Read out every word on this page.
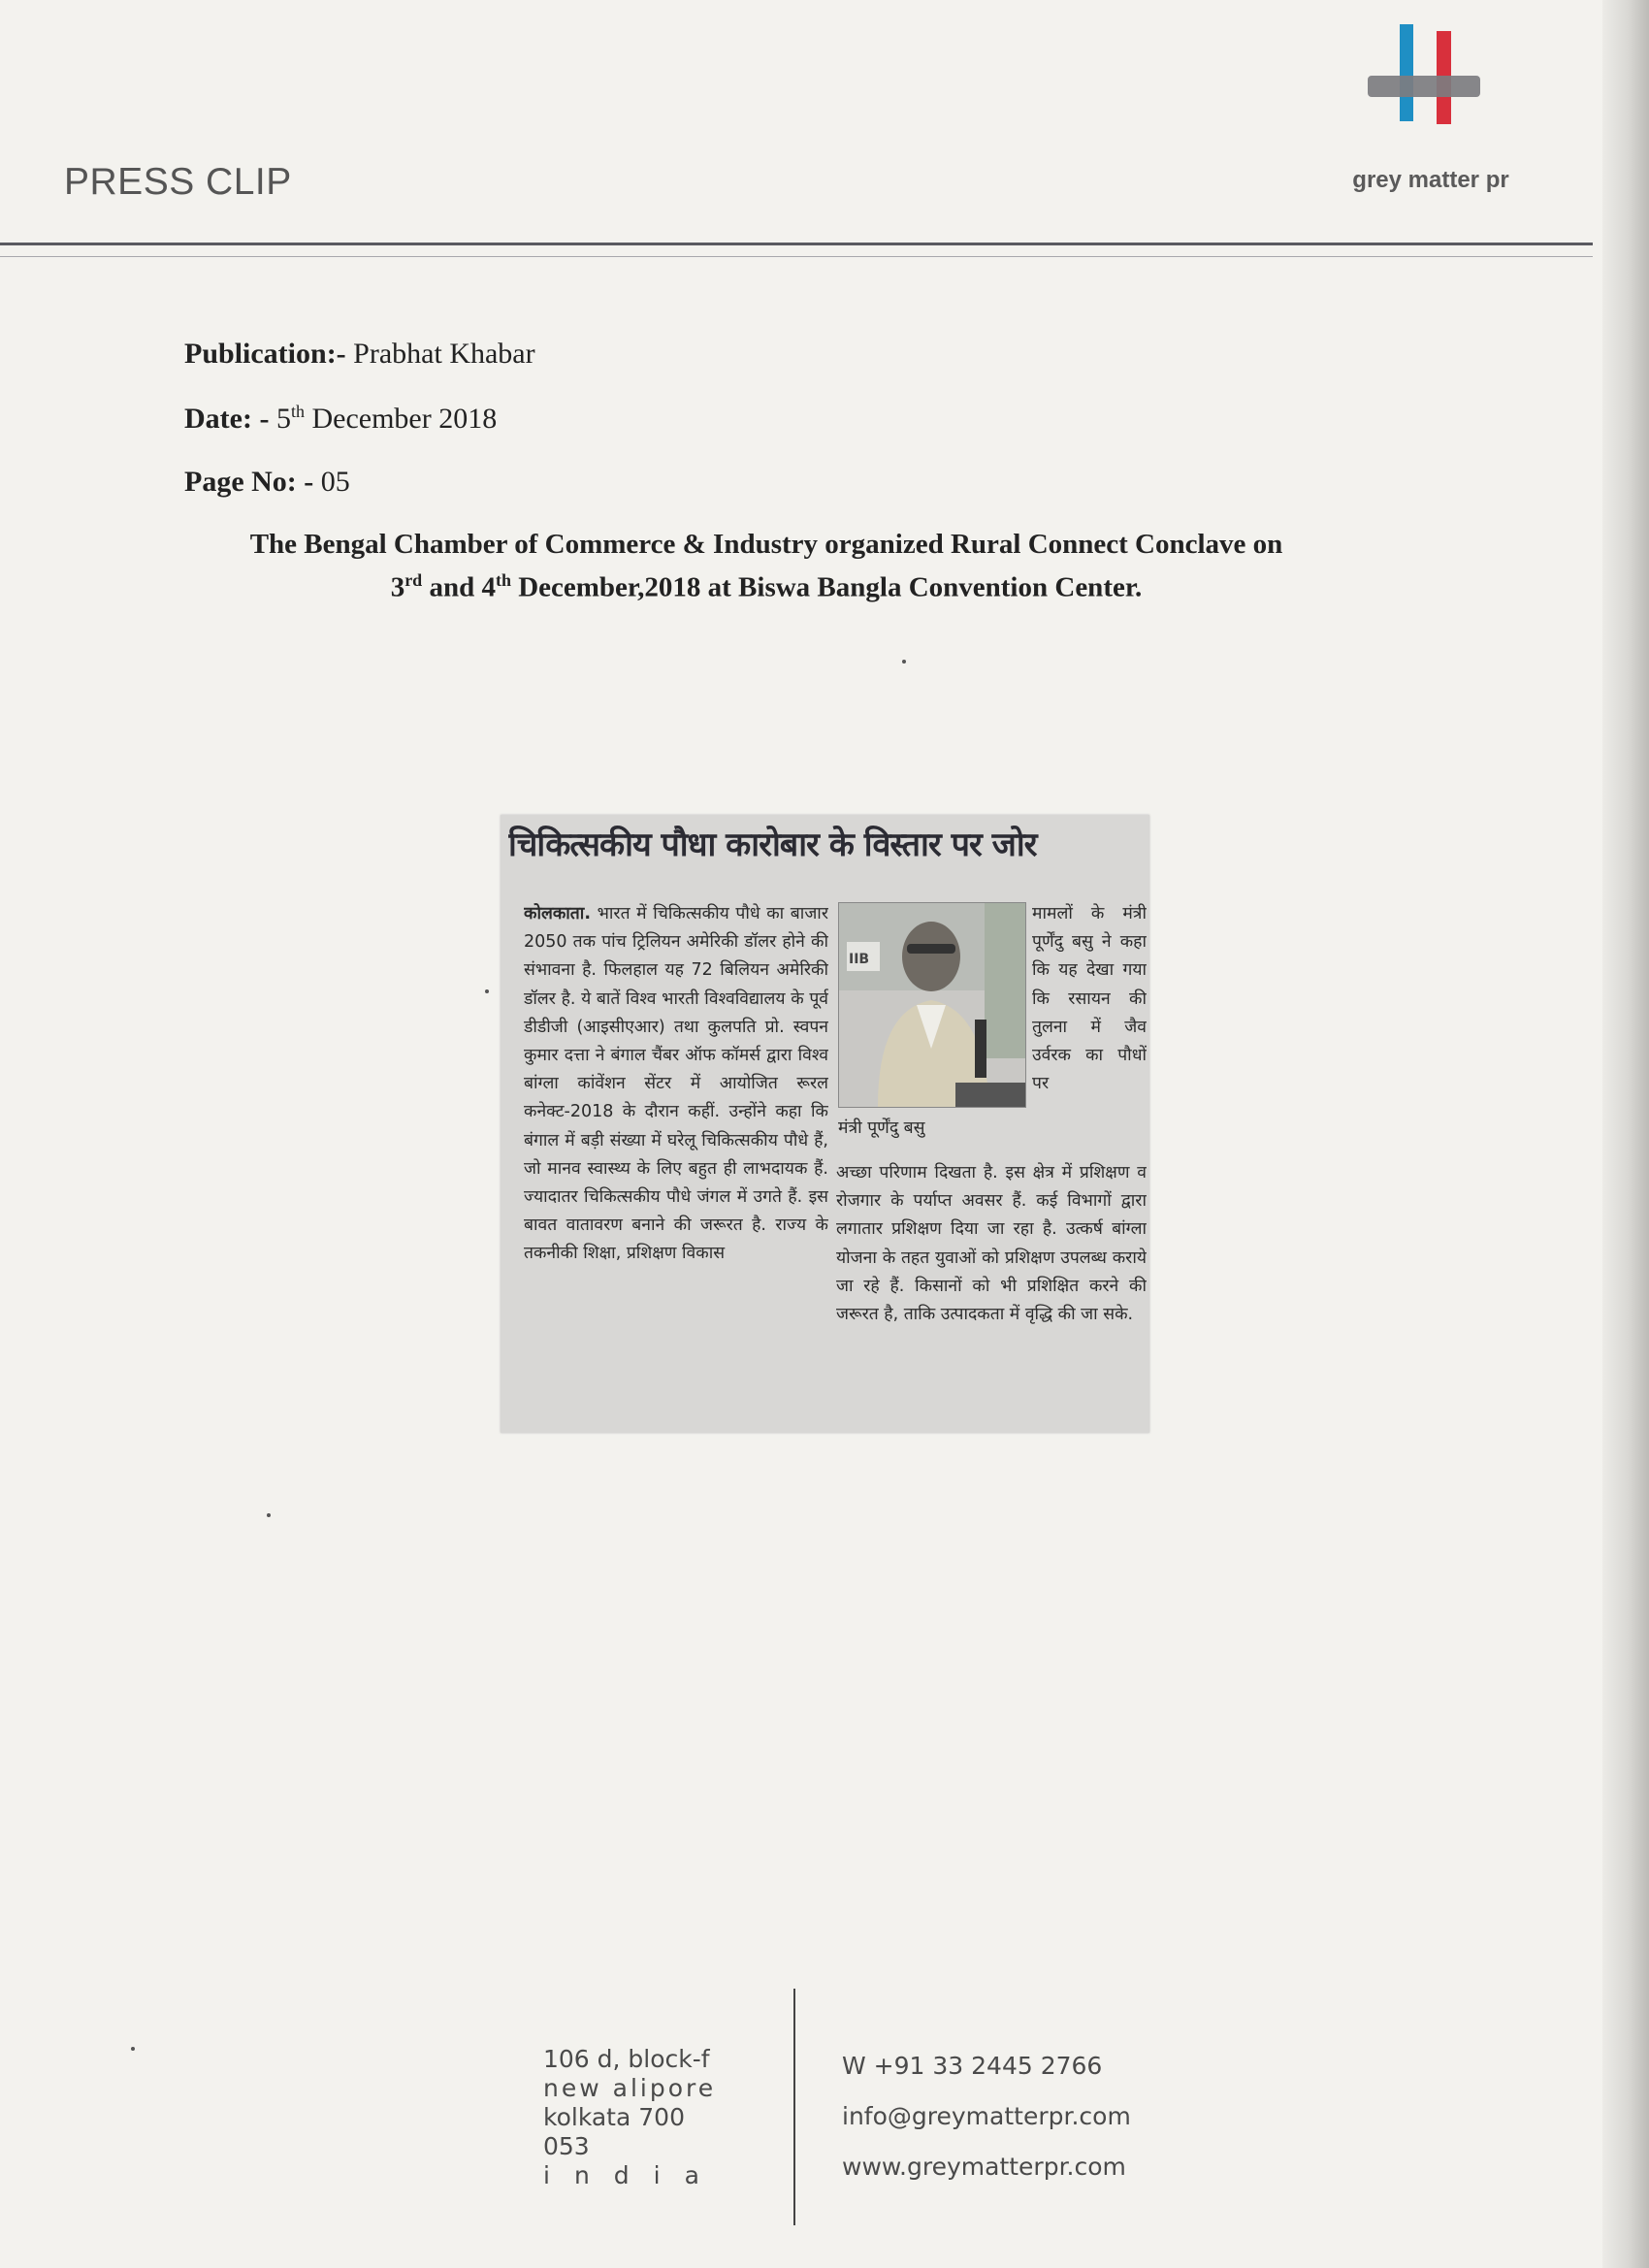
PRESS CLIP	grey matter pr
Publication:- Prabhat Khabar
Date: - 5th December 2018
Page No: - 05
The Bengal Chamber of Commerce & Industry organized Rural Connect Conclave on
3rd and 4th December,2018 at Biswa Bangla Convention Center.
चिकित्सकीय पौधा कारोबार के विस्तार पर जोर
कोलकाता. भारत में चिकित्सकीय पौधे का बाजार 2050 तक पांच ट्रिलियन अमेरिकी डॉलर होने की संभावना है. फिलहाल यह 72 बिलियन अमेरिकी डॉलर है. ये बातें विश्व भारती विश्वविद्यालय के पूर्व डीडीजी (आइसीएआर) तथा कुलपति प्रो. स्वपन कुमार दत्ता ने बंगाल चैंबर ऑफ कॉमर्स द्वारा विश्व बांग्ला कांवेंशन सेंटर में आयोजित रूरल कनेक्ट-2018 के दौरान कहीं. उन्होंने कहा कि बंगाल में बड़ी संख्या में घरेलू चिकित्सकीय पौधे हैं, जो मानव स्वास्थ्य के लिए बहुत ही लाभदायक हैं. ज्यादातर चिकित्सकीय पौधे जंगल में उगते हैं. इस बावत वातावरण बनाने की जरूरत है. राज्य के तकनीकी शिक्षा, प्रशिक्षण विकास
IIB
मंत्री पूर्णेंदु बसु
मामलों के मंत्री पूर्णेंदु बसु ने कहा कि यह देखा गया कि रसायन की तुलना में जैव उर्वरक का पौधों पर
अच्छा परिणाम दिखता है. इस क्षेत्र में प्रशिक्षण व रोजगार के पर्याप्त अवसर हैं. कई विभागों द्वारा लगातार प्रशिक्षण दिया जा रहा है. उत्कर्ष बांग्ला योजना के तहत युवाओं को प्रशिक्षण उपलब्ध कराये जा रहे हैं. किसानों को भी प्रशिक्षित करने की जरूरत है, ताकि उत्पादकता में वृद्धि की जा सके.
106 d, block-f
new alipore
kolkata 700 053
india
W +91 33 2445 2766
info@greymatterpr.com
www.greymatterpr.com
